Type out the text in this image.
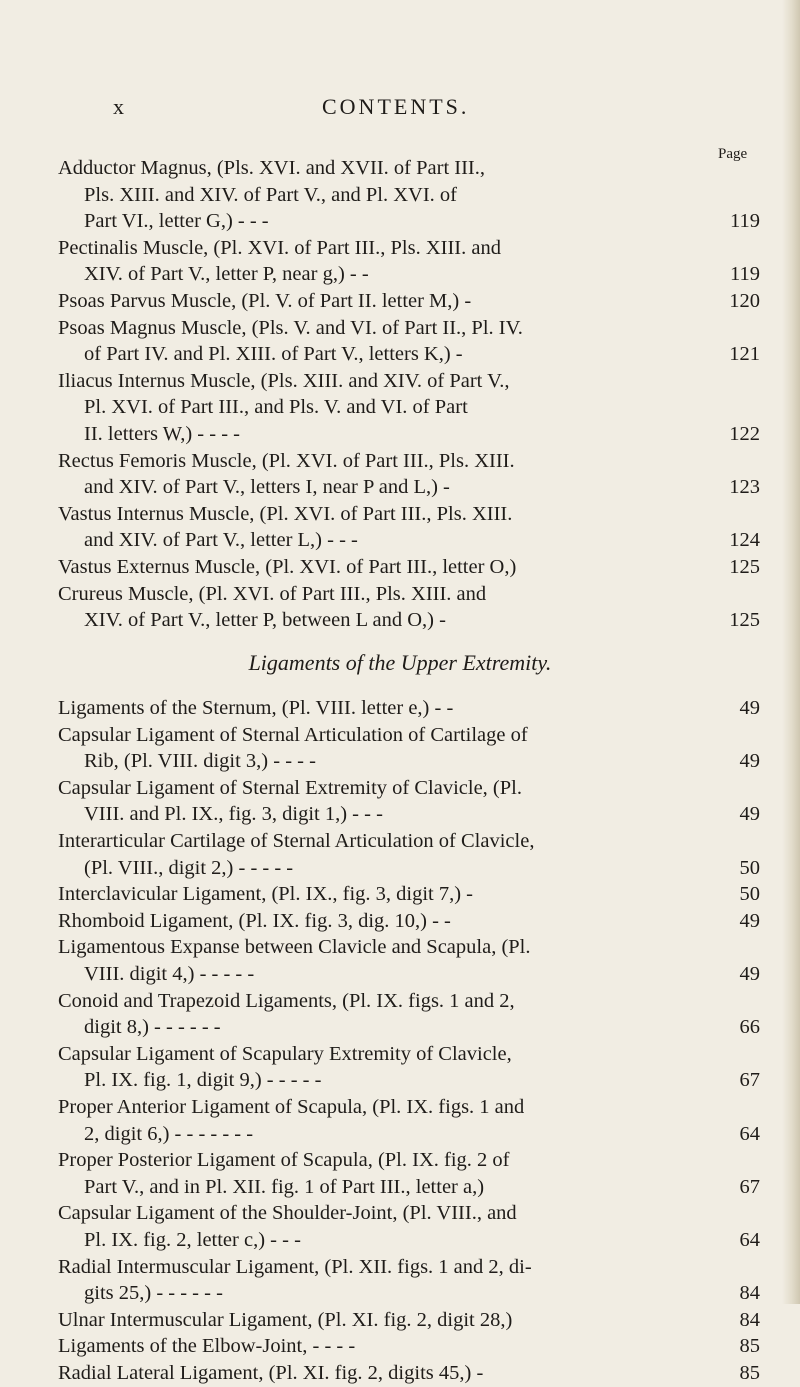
x	CONTENTS.
Page
Ligaments of the Upper Extremity.
Adductor Magnus, (Pls. XVI. and XVII. of Part III.,
Pls. XIII. and XIV. of Part V., and Pl. XVI. of
Part VI., letter G,) - - -	119
Pectinalis Muscle, (Pl. XVI. of Part III., Pls. XIII. and
XIV. of Part V., letter P, near g,) - -	119
Psoas Parvus Muscle, (Pl. V. of Part II. letter M,) -	120
Psoas Magnus Muscle, (Pls. V. and VI. of Part II., Pl. IV.
of Part IV. and Pl. XIII. of Part V., letters K,) -	121
Iliacus Internus Muscle, (Pls. XIII. and XIV. of Part V.,
Pl. XVI. of Part III., and Pls. V. and VI. of Part
II. letters W,) - - - -	122
Rectus Femoris Muscle, (Pl. XVI. of Part III., Pls. XIII.
and XIV. of Part V., letters I, near P and L,) -	123
Vastus Internus Muscle, (Pl. XVI. of Part III., Pls. XIII.
and XIV. of Part V., letter L,) - - -	124
Vastus Externus Muscle, (Pl. XVI. of Part III., letter O,)	125
Crureus Muscle, (Pl. XVI. of Part III., Pls. XIII. and
XIV. of Part V., letter P, between L and O,) -	125
Ligaments of the Sternum, (Pl. VIII. letter e,) - -	49
Capsular Ligament of Sternal Articulation of Cartilage of
Rib, (Pl. VIII. digit 3,) - - - -	49
Capsular Ligament of Sternal Extremity of Clavicle, (Pl.
VIII. and Pl. IX., fig. 3, digit 1,) - - -	49
Interarticular Cartilage of Sternal Articulation of Clavicle,
(Pl. VIII., digit 2,) - - - - -	50
Interclavicular Ligament, (Pl. IX., fig. 3, digit 7,) -	50
Rhomboid Ligament, (Pl. IX. fig. 3, dig. 10,) - -	49
Ligamentous Expanse between Clavicle and Scapula, (Pl.
VIII. digit 4,) - - - - -	49
Conoid and Trapezoid Ligaments, (Pl. IX. figs. 1 and 2,
digit 8,) - - - - - -	66
Capsular Ligament of Scapulary Extremity of Clavicle,
Pl. IX. fig. 1, digit 9,) - - - - -	67
Proper Anterior Ligament of Scapula, (Pl. IX. figs. 1 and
2, digit 6,) - - - - - - -	64
Proper Posterior Ligament of Scapula, (Pl. IX. fig. 2 of
Part V., and in Pl. XII. fig. 1 of Part III., letter a,)	67
Capsular Ligament of the Shoulder-Joint, (Pl. VIII., and
Pl. IX. fig. 2, letter c,) - - -	64
Radial Intermuscular Ligament, (Pl. XII. figs. 1 and 2, di-
gits 25,) - - - - - -	84
Ulnar Intermuscular Ligament, (Pl. XI. fig. 2, digit 28,)	84
Ligaments of the Elbow-Joint, - - - -	85
Radial Lateral Ligament, (Pl. XI. fig. 2, digits 45,) -	85
